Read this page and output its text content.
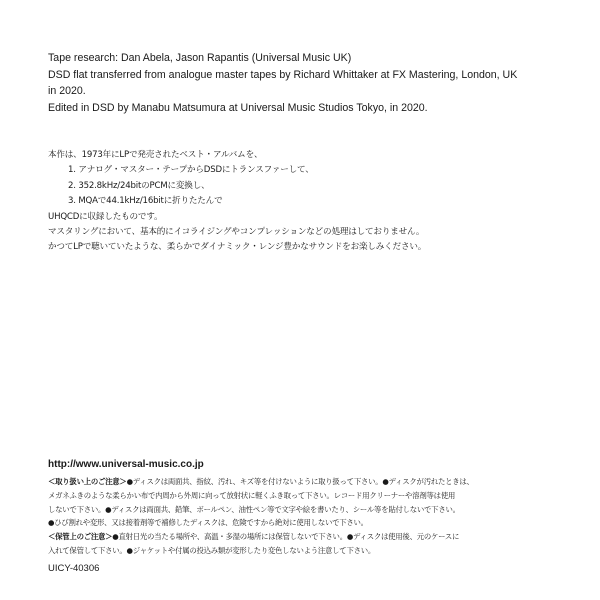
Tape research: Dan Abela, Jason Rapantis (Universal Music UK)

DSD flat transferred from analogue master tapes by Richard Whittaker at FX Mastering, London, UK

in 2020.

Edited in DSD by Manabu Matsumura at Universal Music Studios Tokyo, in 2020.

本作は、1973年にLPで発売されたベスト・アルバムを、

1. アナログ・マスター・テープからDSDにトランスファーして、

2. 352.8kHz/24bitのPCMに変換し、

3. MQAで44.1kHz/16bitに折りたたんで

UHQCDに収録したものです。

マスタリングにおいて、基本的にイコライジングやコンプレッションなどの処理はしておりません。

かつてLPで聴いていたような、柔らかでダイナミック・レンジ豊かなサウンドをお楽しみください。

http://www.universal-music.co.jp

＜取り扱い上のご注意＞●ディスクは両面共、指紋、汚れ、キズ等を付けないように取り扱って下さい。●ディスクが汚れたときは、

メガネふきのような柔らかい布で内周から外周に向って放射状に軽くふき取って下さい。レコード用クリーナーや溶剤等は使用

しないで下さい。●ディスクは両面共、鉛筆、ボールペン、油性ペン等で文字や絵を書いたり、シール等を貼付しないで下さい。

●ひび割れや変形、又は接着剤等で補修したディスクは、危険ですから絶対に使用しないで下さい。

＜保管上のご注意＞●直射日光の当たる場所や、高温・多湿の場所には保管しないで下さい。●ディスクは使用後、元のケースに

入れて保管して下さい。●ジャケットや付属の投込み類が変形したり変色しないよう注意して下さい。

UICY-40306
